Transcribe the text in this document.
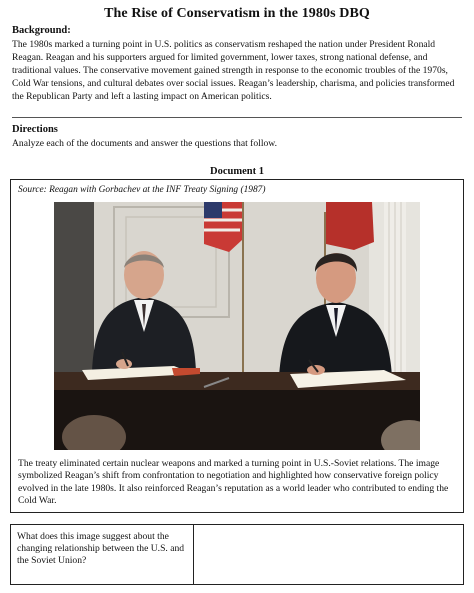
The Rise of Conservatism in the 1980s DBQ
Background:
The 1980s marked a turning point in U.S. politics as conservatism reshaped the nation under President Ronald Reagan. Reagan and his supporters argued for limited government, lower taxes, strong national defense, and traditional values. The conservative movement gained strength in response to the economic troubles of the 1970s, Cold War tensions, and cultural debates over social issues. Reagan’s leadership, charisma, and policies transformed the Republican Party and left a lasting impact on American politics.
Directions
Analyze each of the documents and answer the questions that follow.
Document 1
Source: Reagan with Gorbachev at the INF Treaty Signing (1987)
The treaty eliminated certain nuclear weapons and marked a turning point in U.S.-Soviet relations. The image symbolized Reagan’s shift from confrontation to negotiation and highlighted how conservative foreign policy evolved in the late 1980s. It also reinforced Reagan’s reputation as a world leader who contributed to ending the Cold War.
What does this image suggest about the changing relationship between the U.S. and the Soviet Union?
